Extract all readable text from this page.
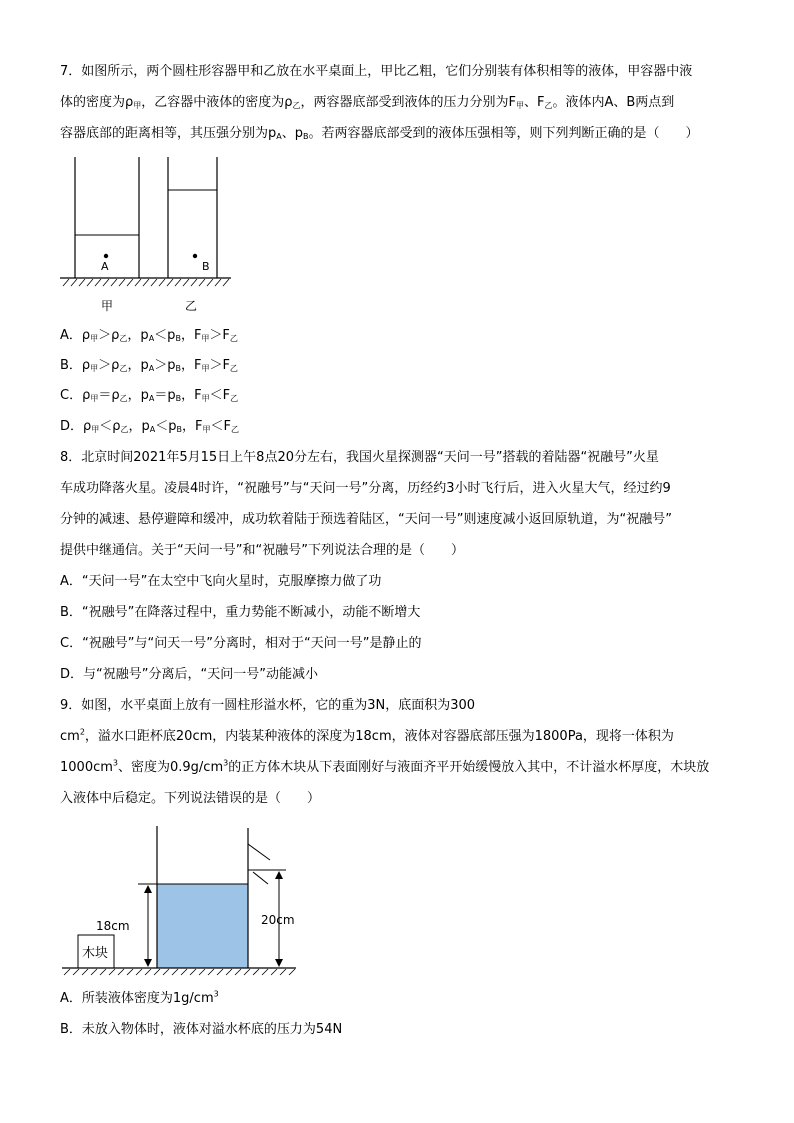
7．如图所示，两个圆柱形容器甲和乙放在水平桌面上，甲比乙粗，它们分别装有体积相等的液体，甲容器中液
体的密度为$\rho_甲$，乙容器中液体的密度为$\rho_乙$，两容器底部受到液体的压力分别为$F_甲$、$F_乙$。液体内A、B两点到
容器底部的距离相等，其压强分别为$p_A$、$p_B$。若两容器底部受到的液体压强相等，则下列判断正确的是（　　）
A	B
甲	乙
A．$\rho_甲>\rho_乙$，$p_A<p_B$，$F_甲>F_乙$
B．$\rho_甲>\rho_乙$，$p_A>p_B$，$F_甲>F_乙$
C．$\rho_甲=\rho_乙$，$p_A=p_B$，$F_甲<F_乙$
D．$\rho_甲<\rho_乙$，$p_A<p_B$，$F_甲<F_乙$
8．北京时间2021年5月15日上午8点20分左右，我国火星探测器“天问一号”搭载的着陆器“祝融号”火星
车成功降落火星。凌晨4时许，“祝融号”与“天问一号”分离，历经约3小时飞行后，进入火星大气，经过约9
分钟的减速、悬停避障和缓冲，成功软着陆于预选着陆区，“天问一号”则速度减小返回原轨道，为“祝融号”
提供中继通信。关于“天问一号”和“祝融号”下列说法合理的是（　　）
A．“天问一号”在太空中飞向火星时，克服摩擦力做了功
B．“祝融号”在降落过程中，重力势能不断减小，动能不断增大
C．“祝融号”与“问天一号”分离时，相对于“天问一号”是静止的
D．与“祝融号”分离后，“天问一号”动能减小
9．如图，水平桌面上放有一圆柱形溢水杯，它的重为3N，底面积为300
$cm^2$，溢水口距杯底20cm，内装某种液体的深度为18cm，液体对容器底部压强为1800Pa，现将一体积为
$1000cm^3$、密度为$0.9g/cm^3$的正方体木块从下表面刚好与液面齐平开始缓慢放入其中，不计溢水杯厚度，木块放
入液体中后稳定。下列说法错误的是（　　）
木块
18cm	20cm
A．所装液体密度为$1g/cm^3$
B．未放入物体时，液体对溢水杯底的压力为54N
